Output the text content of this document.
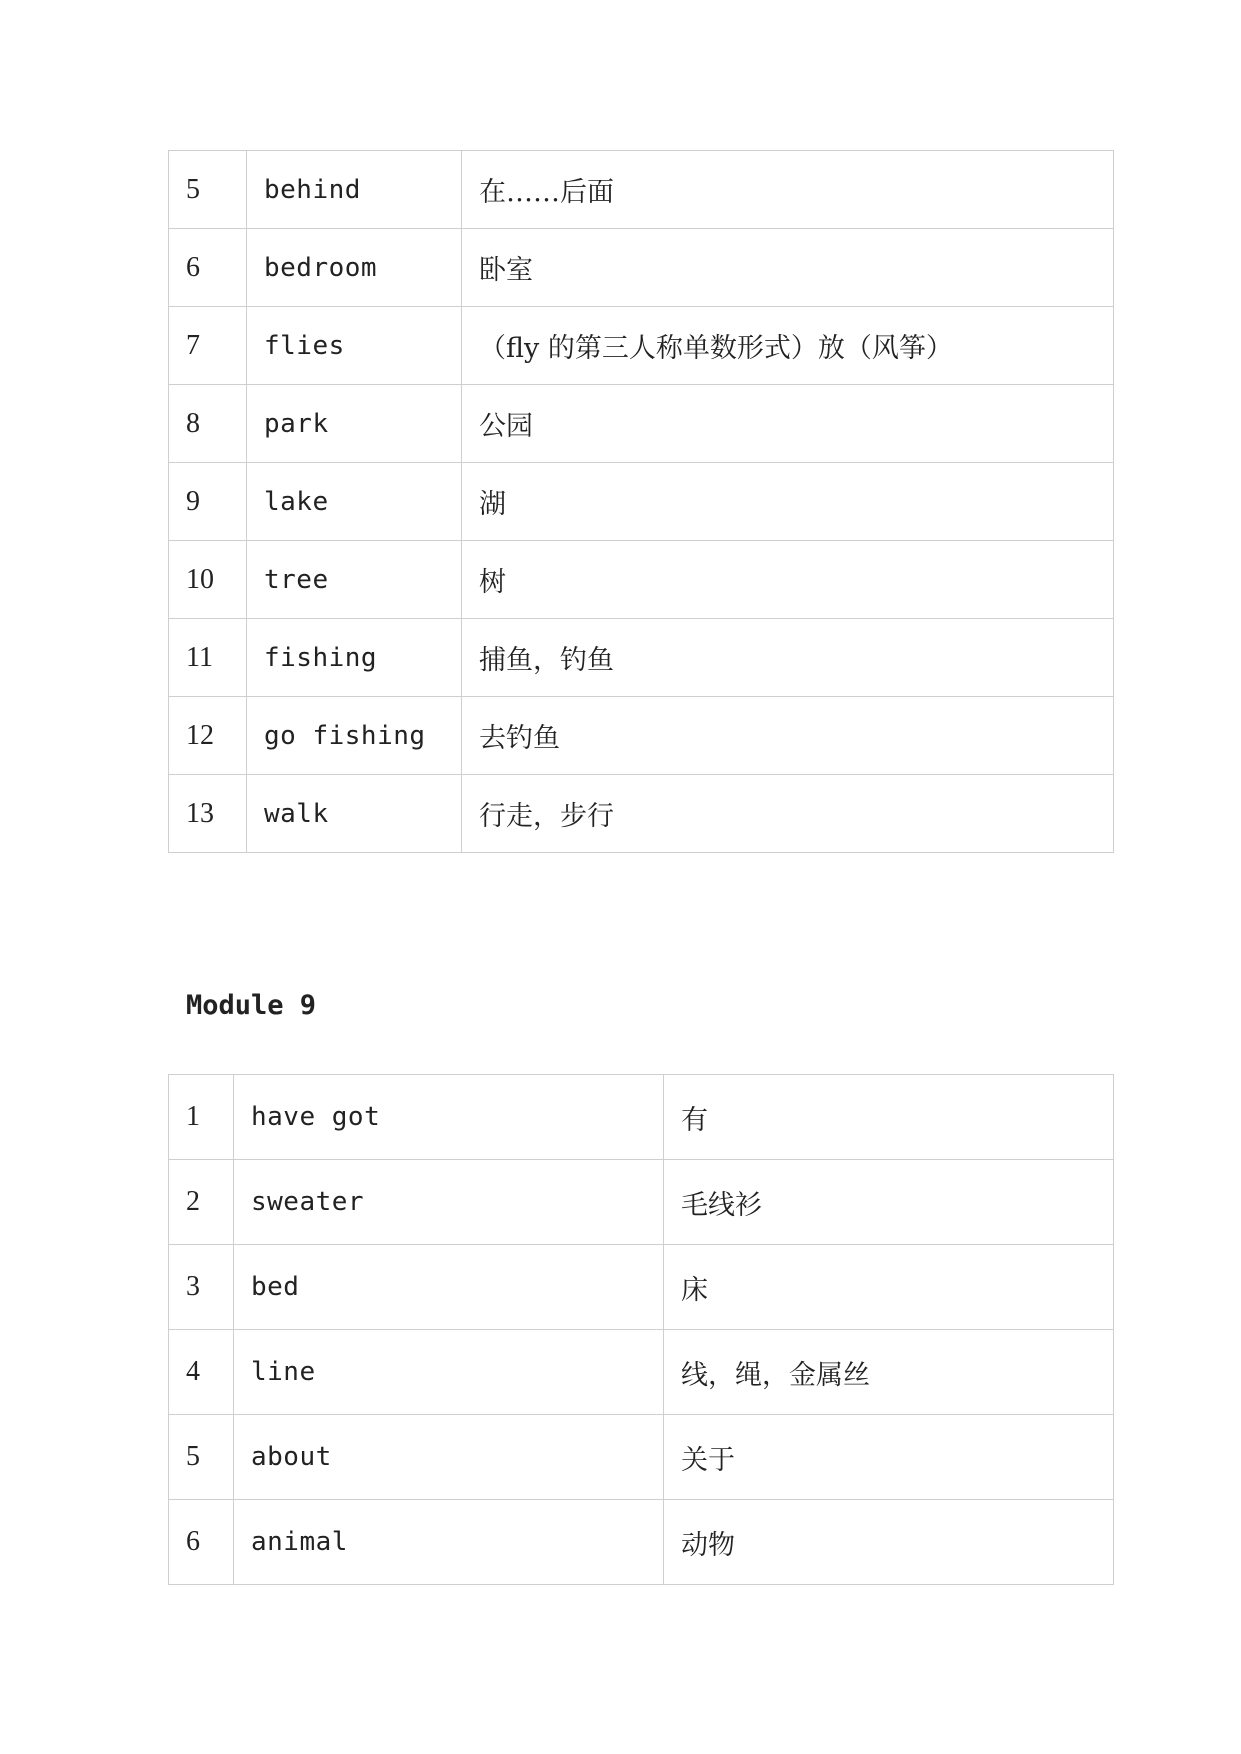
5	behind	在……后面
6	bedroom	卧室
7	flies	（fly 的第三人称单数形式）放（风筝）
8	park	公园
9	lake	湖
10	tree	树
11	fishing	捕鱼，钓鱼
12	go fishing	去钓鱼
13	walk	行走，步行
Module 9
1	have got	有
2	sweater	毛线衫
3	bed	床
4	line	线，绳，金属丝
5	about	关于
6	animal	动物
